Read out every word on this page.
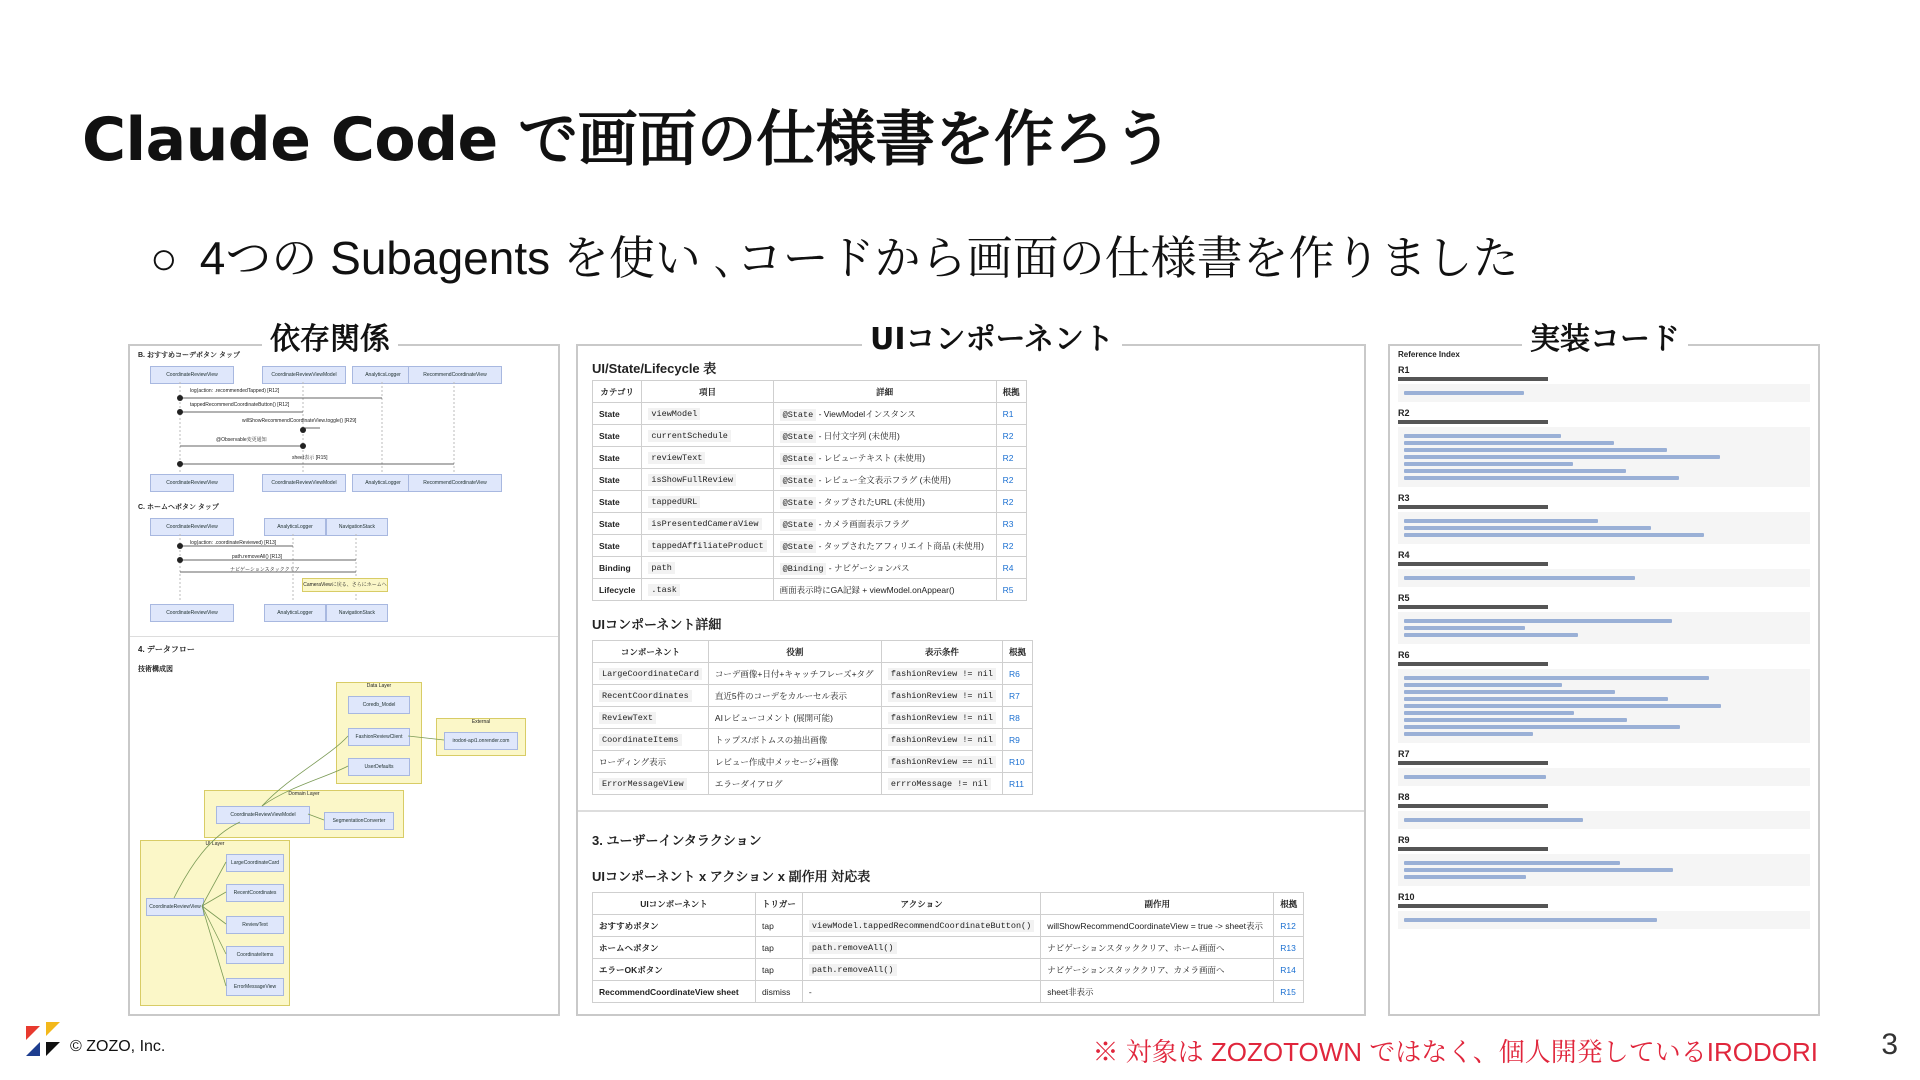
Claude Code で画面の仕様書を作ろう
○ 4つの Subagents を使い ､コードから画面の仕様書を作りました
B. おすすめコーデボタン タップ
CoordinateReviewView	CoordinateReviewViewModel	AnalyticsLogger	RecommendCoordinateView
log(action: .recommendedTapped) [R12]
tappedRecommendCoordinateButton() [R12]
willShowRecommendCoordinateView.toggle() [R29]
@Observable変更通知
sheet表示 [R15]
CoordinateReviewView	CoordinateReviewViewModel	AnalyticsLogger	RecommendCoordinateView
C. ホームへボタン タップ
CoordinateReviewView	AnalyticsLogger	NavigationStack
log(action: .coordinateReviewed) [R13]
path.removeAll() [R13]
ナビゲーションスタッククリア
CameraViewに戻る、さらにホームへ
CoordinateReviewView	AnalyticsLogger	NavigationStack
4. データフロー
技術構成図
Data Layer
External
Domain Layer
UI Layer
Coredb_Model
FashionReviewClient
UserDefaults
irodori-api1.onrender.com
CoordinateReviewViewModel
SegmentationConverter
CoordinateReviewView
LargeCoordinateCard
RecentCoordinates
ReviewText
CoordinateItems
ErrorMessageView
依存関係
UI/State/Lifecycle 表
カテゴリ	項目	詳細	根拠
State	viewModel	@State - ViewModelインスタンス	R1
State	currentSchedule	@State - 日付文字列 (未使用)	R2
State	reviewText	@State - レビューテキスト (未使用)	R2
State	isShowFullReview	@State - レビュー全文表示フラグ (未使用)	R2
State	tappedURL	@State - タップされたURL (未使用)	R2
State	isPresentedCameraView	@State - カメラ画面表示フラグ	R3
State	tappedAffiliateProduct	@State - タップされたアフィリエイト商品 (未使用)	R2
Binding	path	@Binding - ナビゲーションパス	R4
Lifecycle	.task	画面表示時にGA記録 + viewModel.onAppear()	R5
UIコンポーネント詳細
コンポーネント	役割	表示条件	根拠
LargeCoordinateCard	コーデ画像+日付+キャッチフレーズ+タグ	fashionReview != nil	R6
RecentCoordinates	直近5件のコーデをカルーセル表示	fashionReview != nil	R7
ReviewText	AIレビューコメント (展開可能)	fashionReview != nil	R8
CoordinateItems	トップス/ボトムスの抽出画像	fashionReview != nil	R9
ローディング表示	レビュー作成中メッセージ+画像	fashionReview == nil	R10
ErrorMessageView	エラーダイアログ	errroMessage != nil	R11
3. ユーザーインタラクション
UIコンポーネント x アクション x 副作用 対応表
UIコンポーネント	トリガー	アクション	副作用	根拠
おすすめボタン	tap	viewModel.tappedRecommendCoordinateButton()	willShowRecommendCoordinateView = true -> sheet表示	R12
ホームへボタン	tap	path.removeAll()	ナビゲーションスタッククリア、ホーム画面へ	R13
エラーOKボタン	tap	path.removeAll()	ナビゲーションスタッククリア、カメラ画面へ	R14
RecommendCoordinateView sheet	dismiss	-	sheet非表示	R15
UIコンポーネント	Reference Index
R1
R2
R3
R4
R5
R6
R7
R8
R9
R10
実装コード
© ZOZO, Inc.	※ 対象は ZOZOTOWN ではなく、個人開発しているIRODORI 3
